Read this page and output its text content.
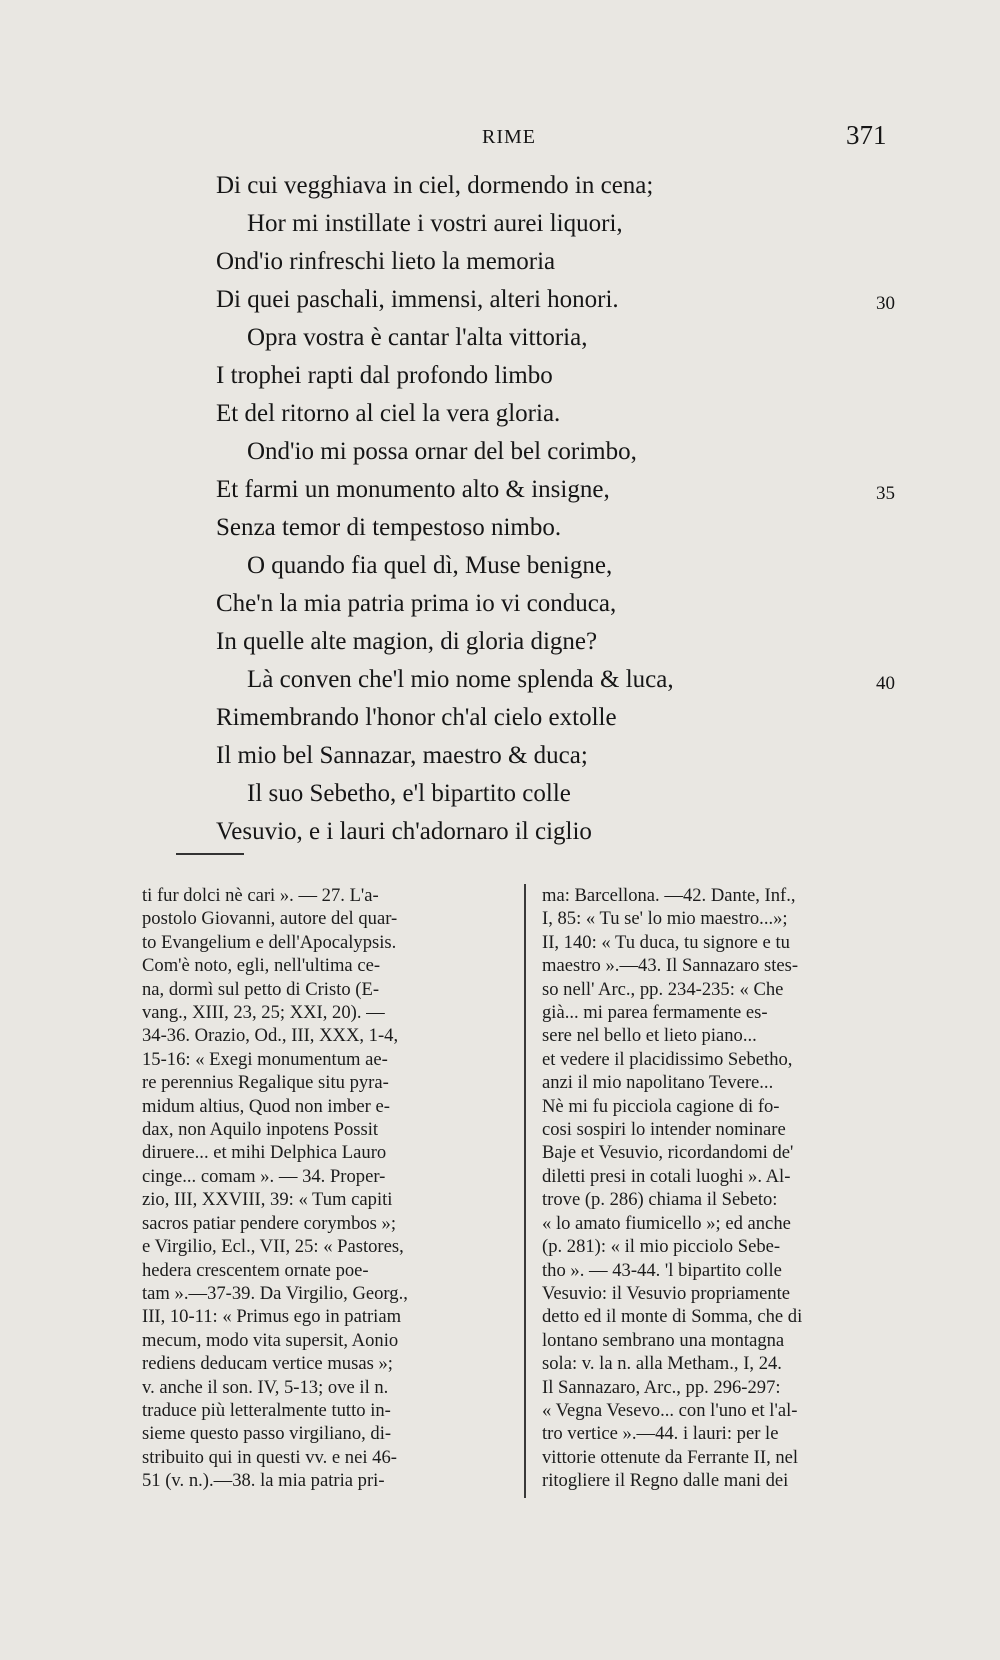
RIME	371
Di cui vegghiava in ciel, dormendo in cena;
Hor mi instillate i vostri aurei liquori,
Ond'io rinfreschi lieto la memoria
Di quei paschali, immensi, alteri honori.
Opra vostra è cantar l'alta vittoria,
I trophei rapti dal profondo limbo
Et del ritorno al ciel la vera gloria.
Ond'io mi possa ornar del bel corimbo,
Et farmi un monumento alto & insigne,
Senza temor di tempestoso nimbo.
O quando fia quel dì, Muse benigne,
Che'n la mia patria prima io vi conduca,
In quelle alte magion, di gloria digne?
Là conven che'l mio nome splenda & luca,
Rimembrando l'honor ch'al cielo extolle
Il mio bel Sannazar, maestro & duca;
Il suo Sebetho, e'l bipartito colle
Vesuvio, e i lauri ch'adornaro il ciglio
30
35
40
ti fur dolci nè cari ». — 27. L'a-
postolo Giovanni, autore del quar-
to Evangelium e dell'Apocalypsis.
Com'è noto, egli, nell'ultima ce-
na, dormì sul petto di Cristo (E-
vang., XIII, 23, 25; XXI, 20). —
34-36. Orazio, Od., III, XXX, 1-4,
15-16: « Exegi monumentum ae-
re perennius Regalique situ pyra-
midum altius, Quod non imber e-
dax, non Aquilo inpotens Possit
diruere... et mihi Delphica Lauro
cinge... comam ». — 34. Proper-
zio, III, XXVIII, 39: « Tum capiti
sacros patiar pendere corymbos »;
e Virgilio, Ecl., VII, 25: « Pastores,
hedera crescentem ornate poe-
tam ».—37-39. Da Virgilio, Georg.,
III, 10-11: « Primus ego in patriam
mecum, modo vita supersit, Aonio
rediens deducam vertice musas »;
v. anche il son. IV, 5-13; ove il n.
traduce più letteralmente tutto in-
sieme questo passo virgiliano, di-
stribuito qui in questi vv. e nei 46-
51 (v. n.).—38. la mia patria pri-
ma: Barcellona. —42. Dante, Inf.,
I, 85: « Tu se' lo mio maestro...»;
II, 140: « Tu duca, tu signore e tu
maestro ».—43. Il Sannazaro stes-
so nell' Arc., pp. 234-235: « Che
già... mi parea fermamente es-
sere nel bello et lieto piano...
et vedere il placidissimo Sebetho,
anzi il mio napolitano Tevere...
Nè mi fu picciola cagione di fo-
cosi sospiri lo intender nominare
Baje et Vesuvio, ricordandomi de'
diletti presi in cotali luoghi ». Al-
trove (p. 286) chiama il Sebeto:
« lo amato fiumicello »; ed anche
(p. 281): « il mio picciolo Sebe-
tho ». — 43-44. 'l bipartito colle
Vesuvio: il Vesuvio propriamente
detto ed il monte di Somma, che di
lontano sembrano una montagna
sola: v. la n. alla Metham., I, 24.
Il Sannazaro, Arc., pp. 296-297:
« Vegna Vesevo... con l'uno et l'al-
tro vertice ».—44. i lauri: per le
vittorie ottenute da Ferrante II, nel
ritogliere il Regno dalle mani dei
